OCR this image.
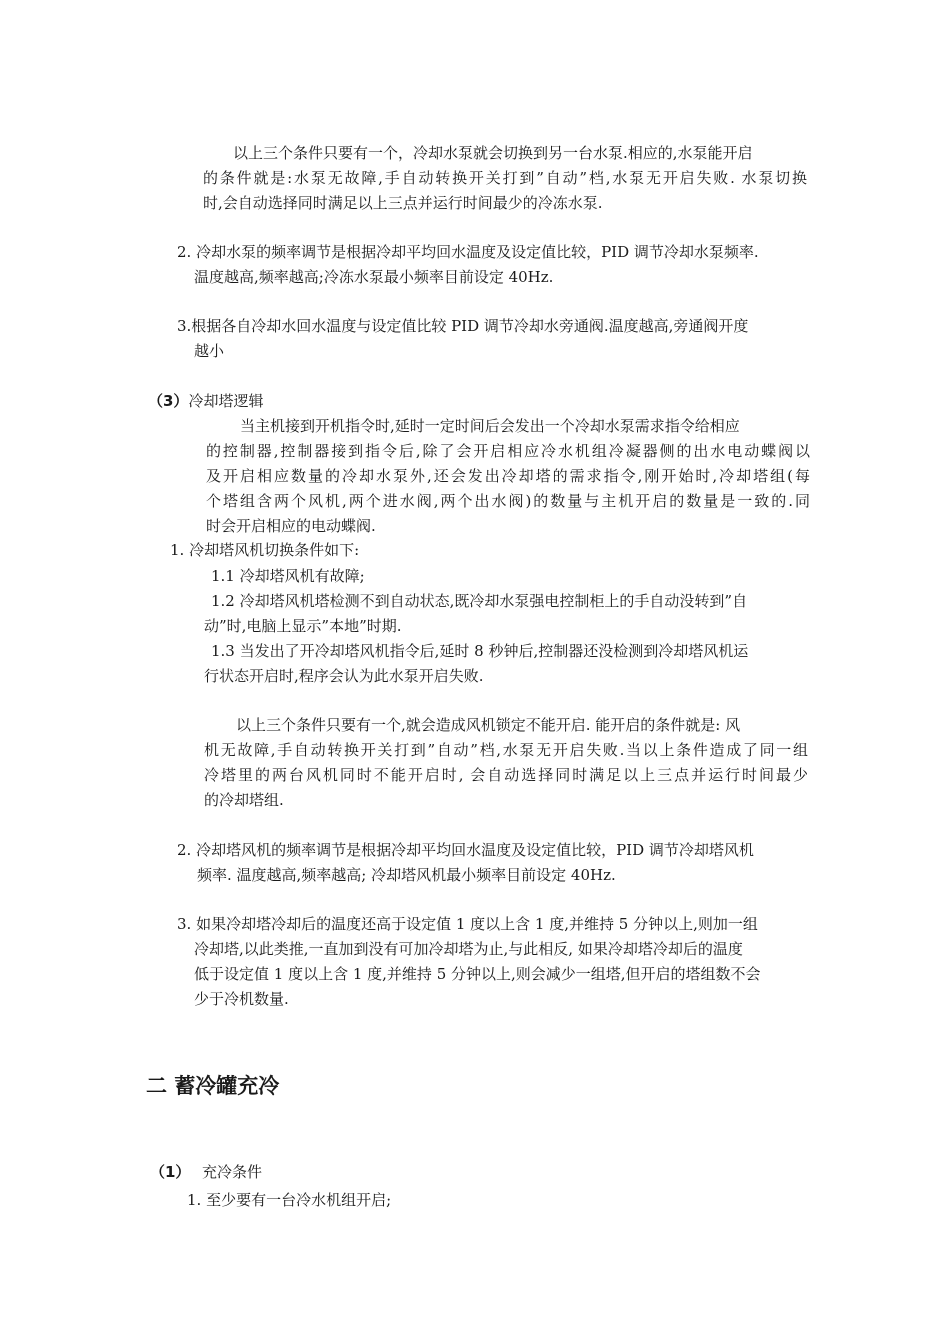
以上三个条件只要有一个，冷却水泵就会切换到另一台水泵.相应的,水泵能开启
的条件就是:水泵无故障,手自动转换开关打到”自动”档,水泵无开启失败. 水泵切换
时,会自动选择同时满足以上三点并运行时间最少的冷冻水泵.
2. 冷却水泵的频率调节是根据冷却平均回水温度及设定值比较，PID 调节冷却水泵频率.
温度越高,频率越高;冷冻水泵最小频率目前设定 40Hz.
3.根据各自冷却水回水温度与设定值比较 PID 调节冷却水旁通阀.温度越高,旁通阀开度
越小
（3）冷却塔逻辑
当主机接到开机指令时,延时一定时间后会发出一个冷却水泵需求指令给相应
的控制器,控制器接到指令后,除了会开启相应冷水机组冷凝器侧的出水电动蝶阀以
及开启相应数量的冷却水泵外,还会发出冷却塔的需求指令,刚开始时,冷却塔组(每
个塔组含两个风机,两个进水阀,两个出水阀)的数量与主机开启的数量是一致的.同
时会开启相应的电动蝶阀.
1. 冷却塔风机切换条件如下:
1.1 冷却塔风机有故障;
1.2 冷却塔风机塔检测不到自动状态,既冷却水泵强电控制柜上的手自动没转到”自
动”时,电脑上显示”本地”时期.
1.3 当发出了开冷却塔风机指令后,延时 8 秒钟后,控制器还没检测到冷却塔风机运
行状态开启时,程序会认为此水泵开启失败.
以上三个条件只要有一个,就会造成风机锁定不能开启. 能开启的条件就是: 风
机无故障,手自动转换开关打到”自动”档,水泵无开启失败.当以上条件造成了同一组
冷塔里的两台风机同时不能开启时, 会自动选择同时满足以上三点并运行时间最少
的冷却塔组.
2. 冷却塔风机的频率调节是根据冷却平均回水温度及设定值比较，PID 调节冷却塔风机
频率. 温度越高,频率越高; 冷却塔风机最小频率目前设定 40Hz.
3. 如果冷却塔冷却后的温度还高于设定值 1 度以上含 1 度,并维持 5 分钟以上,则加一组
冷却塔,以此类推,一直加到没有可加冷却塔为止,与此相反, 如果冷却塔冷却后的温度
低于设定值 1 度以上含 1 度,并维持 5 分钟以上,则会减少一组塔,但开启的塔组数不会
少于冷机数量.
二 蓄冷罐充冷
（1） 充冷条件
1. 至少要有一台冷水机组开启;
